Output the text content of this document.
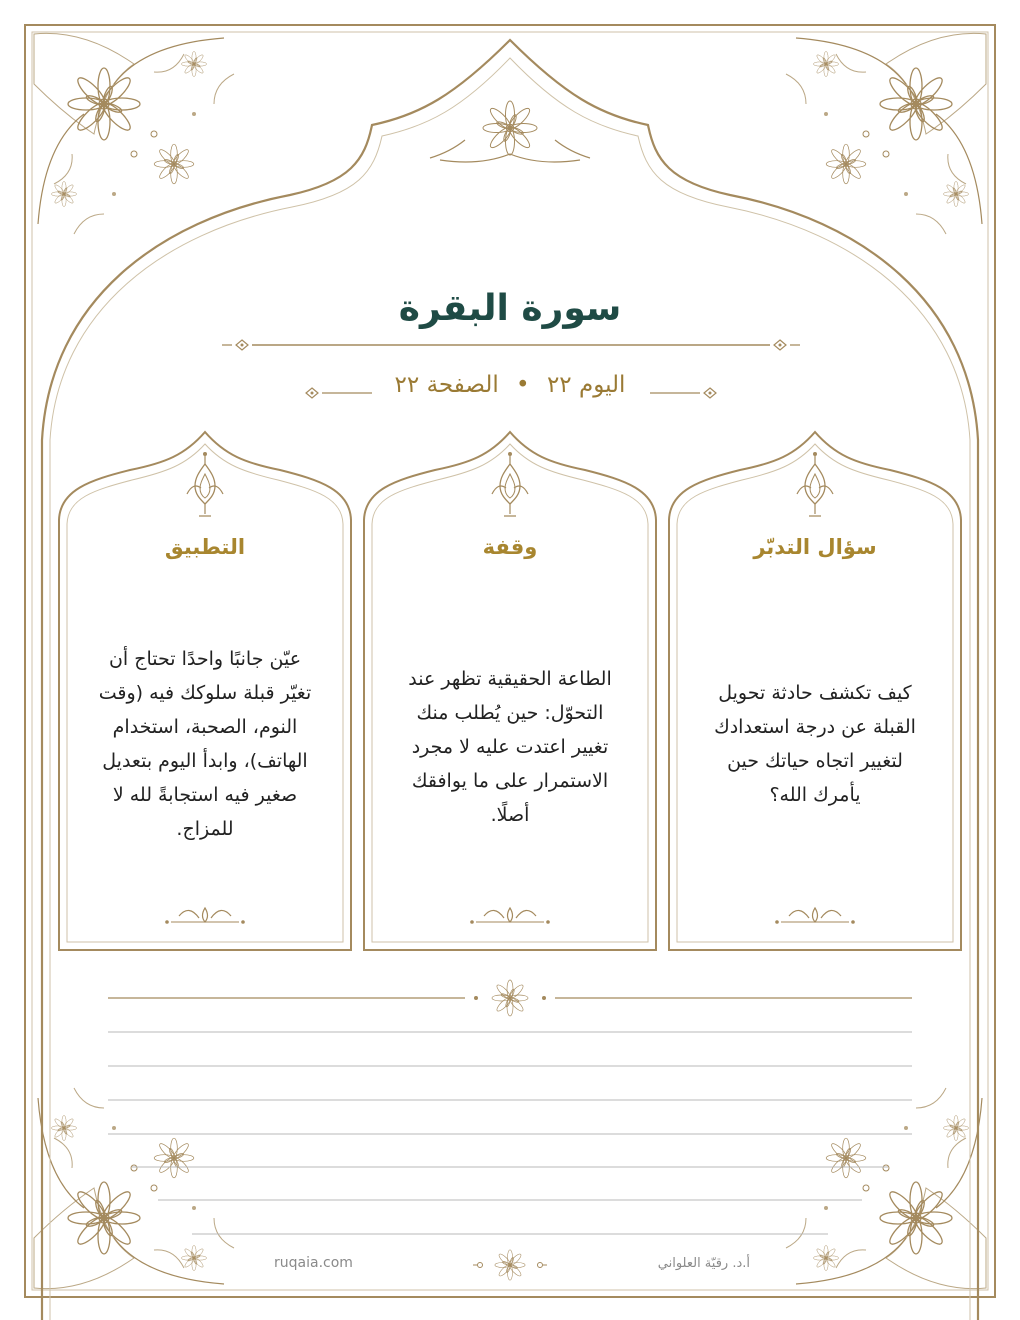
سورة البقرة
اليوم ٢٢ • الصفحة ٢٢
سؤال التدبّر
كيف تكشف حادثة تحويل
القبلة عن درجة استعدادك
لتغيير اتجاه حياتك حين
يأمرك الله؟
وقفة
الطاعة الحقيقية تظهر عند
التحوّل: حين يُطلب منك
تغيير اعتدت عليه لا مجرد
الاستمرار على ما يوافقك
أصلًا.
التطبيق
عيّن جانبًا واحدًا تحتاج أن
تغيّر قبلة سلوكك فيه (وقت
النوم، الصحبة، استخدام
الهاتف)، وابدأ اليوم بتعديل
صغير فيه استجابةً لله لا
للمزاج.
ruqaia.com	أ.د. رقيّة العلواني
